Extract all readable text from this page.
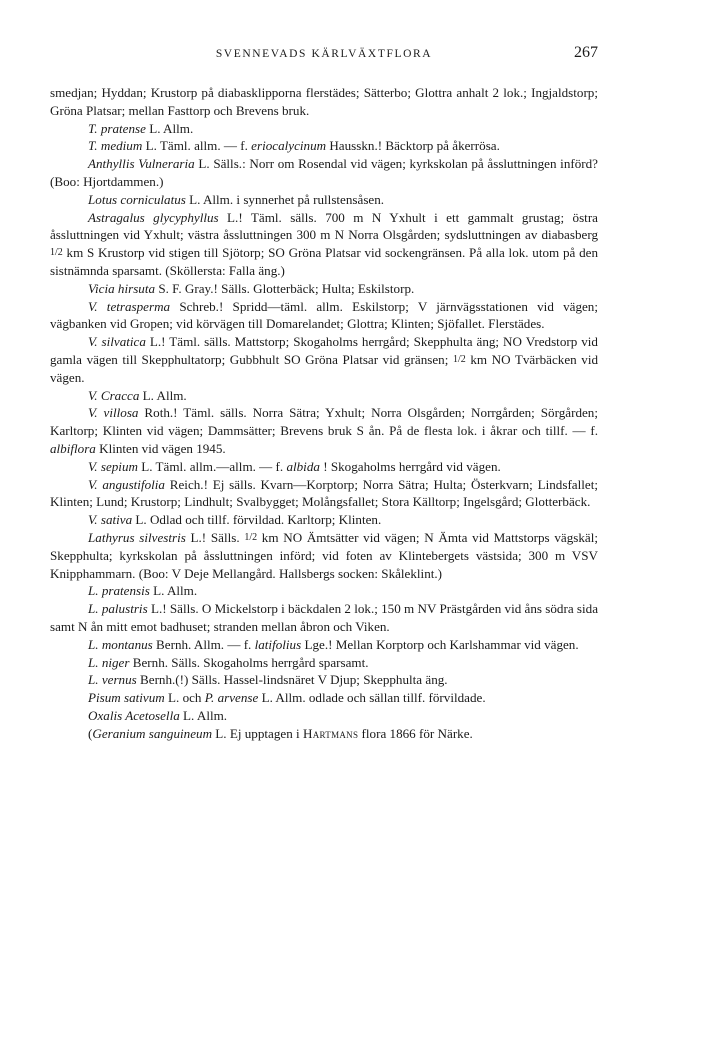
SVENNEVADS KÄRLVÄXTFLORA	267

smedjan; Hyddan; Krustorp på diabasklipporna flerstädes; Sätterbo; Glottra anhalt 2 lok.; Ingjaldstorp; Gröna Platsar; mellan Fasttorp och Brevens bruk.

T. pratense L. Allm.

T. medium L. Täml. allm. — f. eriocalycinum Hausskn.! Bäcktorp på åkerrösa.

Anthyllis Vulneraria L. Sälls.: Norr om Rosendal vid vägen; kyrkskolan på åssluttningen införd? (Boo: Hjortdammen.)

Lotus corniculatus L. Allm. i synnerhet på rullstensåsen.

Astragalus glycyphyllus L.! Täml. sälls. 700 m N Yxhult i ett gammalt grustag; östra åssluttningen vid Yxhult; västra åssluttningen 300 m N Norra Olsgården; sydsluttningen av diabasberg 1/2 km S Krustorp vid stigen till Sjötorp; SO Gröna Platsar vid sockengränsen. På alla lok. utom på den sistnämnda sparsamt. (Sköllersta: Falla äng.)

Vicia hirsuta S. F. Gray.! Sälls. Glotterbäck; Hulta; Eskilstorp.

V. tetrasperma Schreb.! Spridd—täml. allm. Eskilstorp; V järnvägsstationen vid vägen; vägbanken vid Gropen; vid körvägen till Domarelandet; Glottra; Klinten; Sjöfallet. Flerstädes.

V. silvatica L.! Täml. sälls. Mattstorp; Skogaholms herrgård; Skepphulta äng; NO Vredstorp vid gamla vägen till Skepphultatorp; Gubbhult SO Gröna Platsar vid gränsen; 1/2 km NO Tvärbäcken vid vägen.

V. Cracca L. Allm.

V. villosa Roth.! Täml. sälls. Norra Sätra; Yxhult; Norra Olsgården; Norrgården; Sörgården; Karltorp; Klinten vid vägen; Dammsätter; Brevens bruk S ån. På de flesta lok. i åkrar och tillf. — f. albiflora Klinten vid vägen 1945.

V. sepium L. Täml. allm.—allm. — f. albida ! Skogaholms herrgård vid vägen.

V. angustifolia Reich.! Ej sälls. Kvarn—Korptorp; Norra Sätra; Hulta; Österkvarn; Lindsfallet; Klinten; Lund; Krustorp; Lindhult; Svalbygget; Molångsfallet; Stora Källtorp; Ingelsgård; Glotterbäck.

V. sativa L. Odlad och tillf. förvildad. Karltorp; Klinten.

Lathyrus silvestris L.! Sälls. 1/2 km NO Ämtsätter vid vägen; N Ämta vid Mattstorps vägskäl; Skepphulta; kyrkskolan på åssluttningen införd; vid foten av Klintebergets västsida; 300 m VSV Knipphammarn. (Boo: V Deje Mellangård. Hallsbergs socken: Skåleklint.)

L. pratensis L. Allm.

L. palustris L.! Sälls. O Mickelstorp i bäckdalen 2 lok.; 150 m NV Prästgården vid åns södra sida samt N ån mitt emot badhuset; stranden mellan åbron och Viken.

L. montanus Bernh. Allm. — f. latifolius Lge.! Mellan Korptorp och Karlshammar vid vägen.

L. niger Bernh. Sälls. Skogaholms herrgård sparsamt.

L. vernus Bernh.(!) Sälls. Hassel-lindsnäret V Djup; Skepphulta äng.

Pisum sativum L. och P. arvense L. Allm. odlade och sällan tillf. förvildade.

Oxalis Acetosella L. Allm.

(Geranium sanguineum L. Ej upptagen i Hartmans flora 1866 för Närke.
